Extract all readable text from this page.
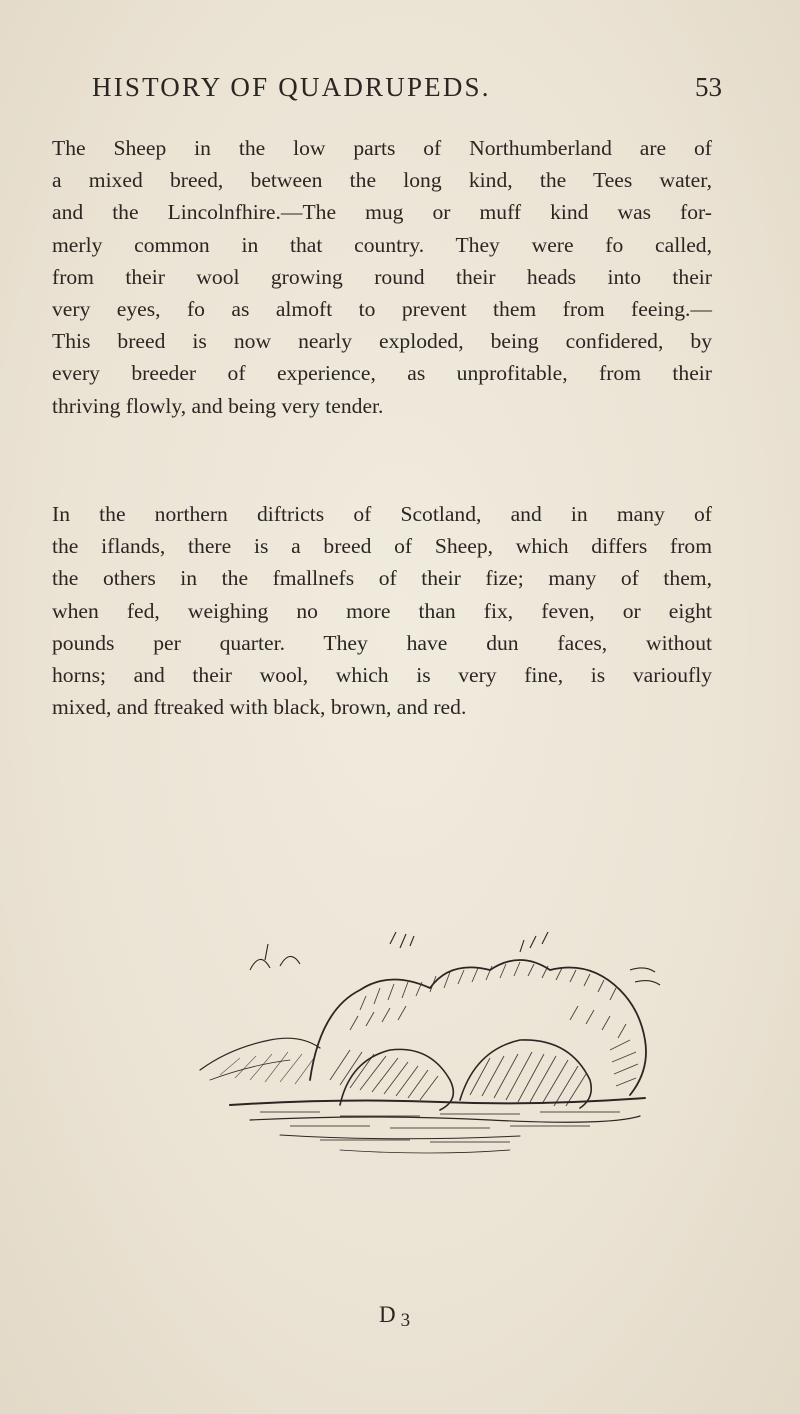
HISTORY OF QUADRUPEDS.	53
The Sheep in the low parts of Northumberland are of
a mixed breed, between the long kind, the Tees water,
and the Lincolnfhire.—The mug or muff kind was for-
merly common in that country. They were fo called,
from their wool growing round their heads into their
very eyes, fo as almoft to prevent them from feeing.—
This breed is now nearly exploded, being confidered, by
every breeder of experience, as unprofitable, from their
thriving flowly, and being very tender.
In the northern diftricts of Scotland, and in many of
the iflands, there is a breed of Sheep, which differs from
the others in the fmallnefs of their fize; many of them,
when fed, weighing no more than fix, feven, or eight
pounds per quarter. They have dun faces, without
horns; and their wool, which is very fine, is varioufly
mixed, and ftreaked with black, brown, and red.
D 3
